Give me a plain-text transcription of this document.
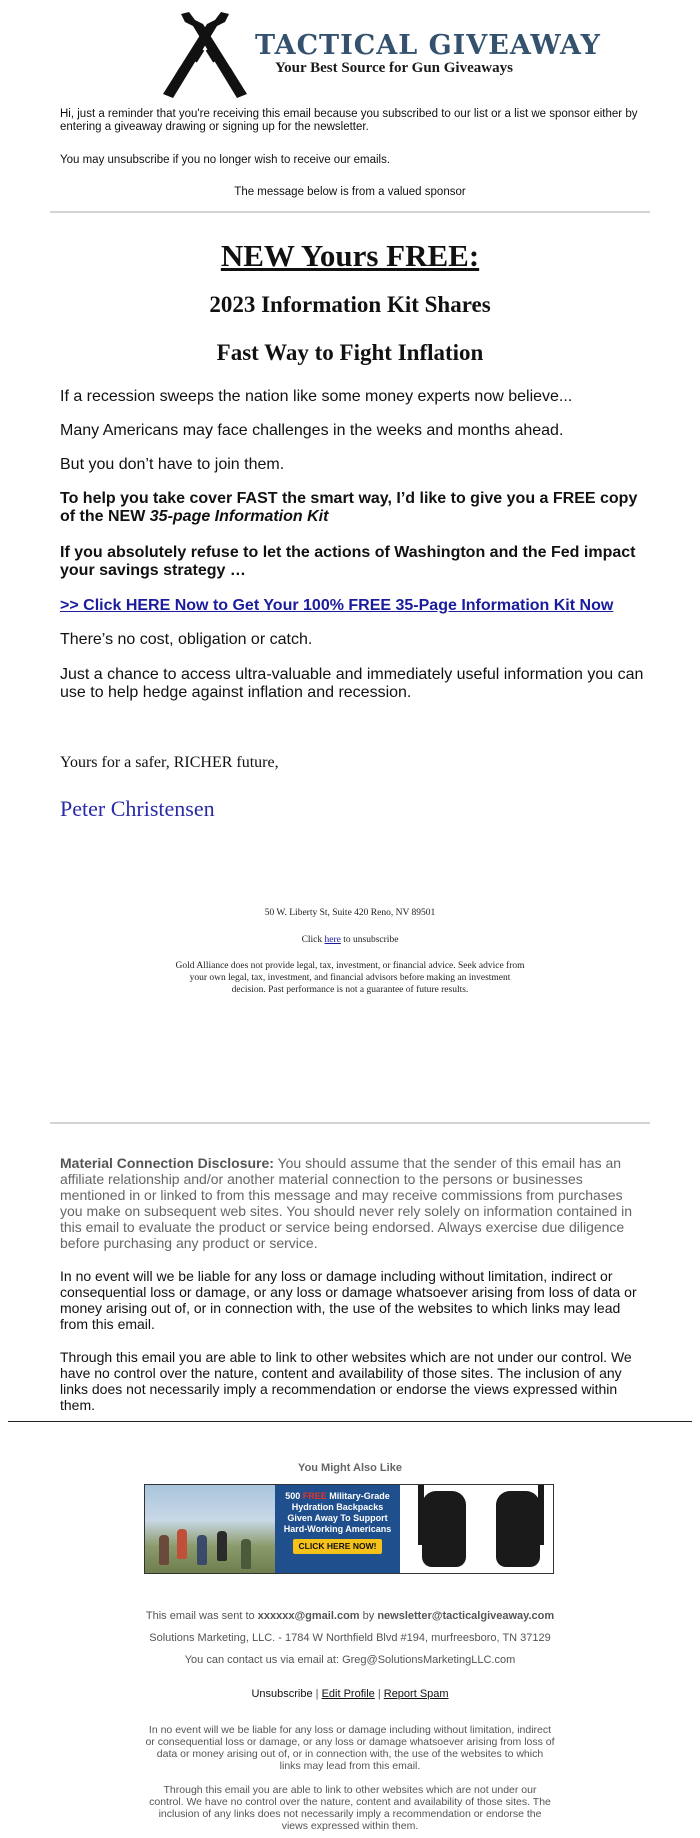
TACTICAL GIVEAWAY
Your Best Source for Gun Giveaways
Hi, just a reminder that you're receiving this email because you subscribed to our list or a list we sponsor either by entering a giveaway drawing or signing up for the newsletter.
You may unsubscribe if you no longer wish to receive our emails.
The message below is from a valued sponsor
NEW Yours FREE:
2023 Information Kit Shares
Fast Way to Fight Inflation
If a recession sweeps the nation like some money experts now believe...
Many Americans may face challenges in the weeks and months ahead.
But you don’t have to join them.
To help you take cover FAST the smart way, I’d like to give you a FREE copy of the NEW 35-page Information Kit
If you absolutely refuse to let the actions of Washington and the Fed impact your savings strategy …
>> Click HERE Now to Get Your 100% FREE 35-Page Information Kit Now
There’s no cost, obligation or catch.
Just a chance to access ultra-valuable and immediately useful information you can use to help hedge against inflation and recession.
Yours for a safer, RICHER future,
Peter Christensen
50 W. Liberty St, Suite 420 Reno, NV 89501
Click here to unsubscribe
Gold Alliance does not provide legal, tax, investment, or financial advice. Seek advice from your own legal, tax, investment, and financial advisors before making an investment decision. Past performance is not a guarantee of future results.
Material Connection Disclosure: You should assume that the sender of this email has an affiliate relationship and/or another material connection to the persons or businesses mentioned in or linked to from this message and may receive commissions from purchases you make on subsequent web sites. You should never rely solely on information contained in this email to evaluate the product or service being endorsed. Always exercise due diligence before purchasing any product or service.
In no event will we be liable for any loss or damage including without limitation, indirect or consequential loss or damage, or any loss or damage whatsoever arising from loss of data or money arising out of, or in connection with, the use of the websites to which links may lead from this email.
Through this email you are able to link to other websites which are not under our control. We have no control over the nature, content and availability of those sites. The inclusion of any links does not necessarily imply a recommendation or endorse the views expressed within them.
You Might Also Like
500 FREE Military-Grade
Hydration Backpacks
Given Away To Support
Hard-Working Americans
CLICK HERE NOW!
This email was sent to xxxxxx@gmail.com by newsletter@tacticalgiveaway.com
Solutions Marketing, LLC. - 1784 W Northfield Blvd #194, murfreesboro, TN 37129
You can contact us via email at: Greg@SolutionsMarketingLLC.com
Unsubscribe | Edit Profile | Report Spam
In no event will we be liable for any loss or damage including without limitation, indirect or consequential loss or damage, or any loss or damage whatsoever arising from loss of data or money arising out of, or in connection with, the use of the websites to which links may lead from this email.
Through this email you are able to link to other websites which are not under our control. We have no control over the nature, content and availability of those sites. The inclusion of any links does not necessarily imply a recommendation or endorse the views expressed within them.
